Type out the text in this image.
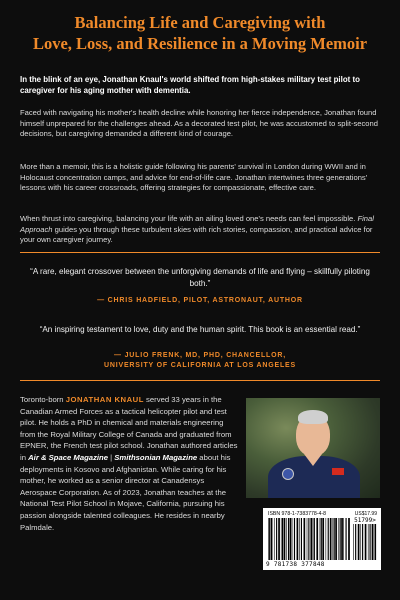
Balancing Life and Caregiving with
Love, Loss, and Resilience in a Moving Memoir
In the blink of an eye, Jonathan Knaul's world shifted from high-stakes military test pilot to caregiver for his aging mother with dementia.
Faced with navigating his mother's health decline while honoring her fierce independence, Jonathan found himself unprepared for the challenges ahead. As a decorated test pilot, he was accustomed to split-second decisions, but caregiving demanded a different kind of courage.
More than a memoir, this is a holistic guide following his parents' survival in London during WWII and in Holocaust concentration camps, and advice for end-of-life care. Jonathan intertwines three generations' lessons with his career crossroads, offering strategies for compassionate, effective care.
When thrust into caregiving, balancing your life with an ailing loved one's needs can feel impossible. Final Approach guides you through these turbulent skies with rich stories, compassion, and practical advice for your own caregiver journey.
“A rare, elegant crossover between the unforgiving demands of life and flying – skillfully piloting both.”
— CHRIS HADFIELD, PILOT, ASTRONAUT, AUTHOR
“An inspiring testament to love, duty and the human spirit. This book is an essential read.”
— JULIO FRENK, MD, PHD, CHANCELLOR,
UNIVERSITY OF CALIFORNIA AT LOS ANGELES
Toronto-born JONATHAN KNAUL served 33 years in the Canadian Armed Forces as a tactical helicopter pilot and test pilot. He holds a PhD in chemical and materials engineering from the Royal Military College of Canada and graduated from EPNER, the French test pilot school. Jonathan authored articles in Air & Space Magazine | Smithsonian Magazine about his deployments in Kosovo and Afghanistan. While caring for his mother, he worked as a senior director at Canadensys Aerospace Corporation. As of 2023, Jonathan teaches at the National Test Pilot School in Mojave, California, pursuing his passion alongside talented colleagues. He resides in nearby Palmdale.
ISBN 978-1-7383778-4-8	US$17.99
51799>
9 781738 377848
